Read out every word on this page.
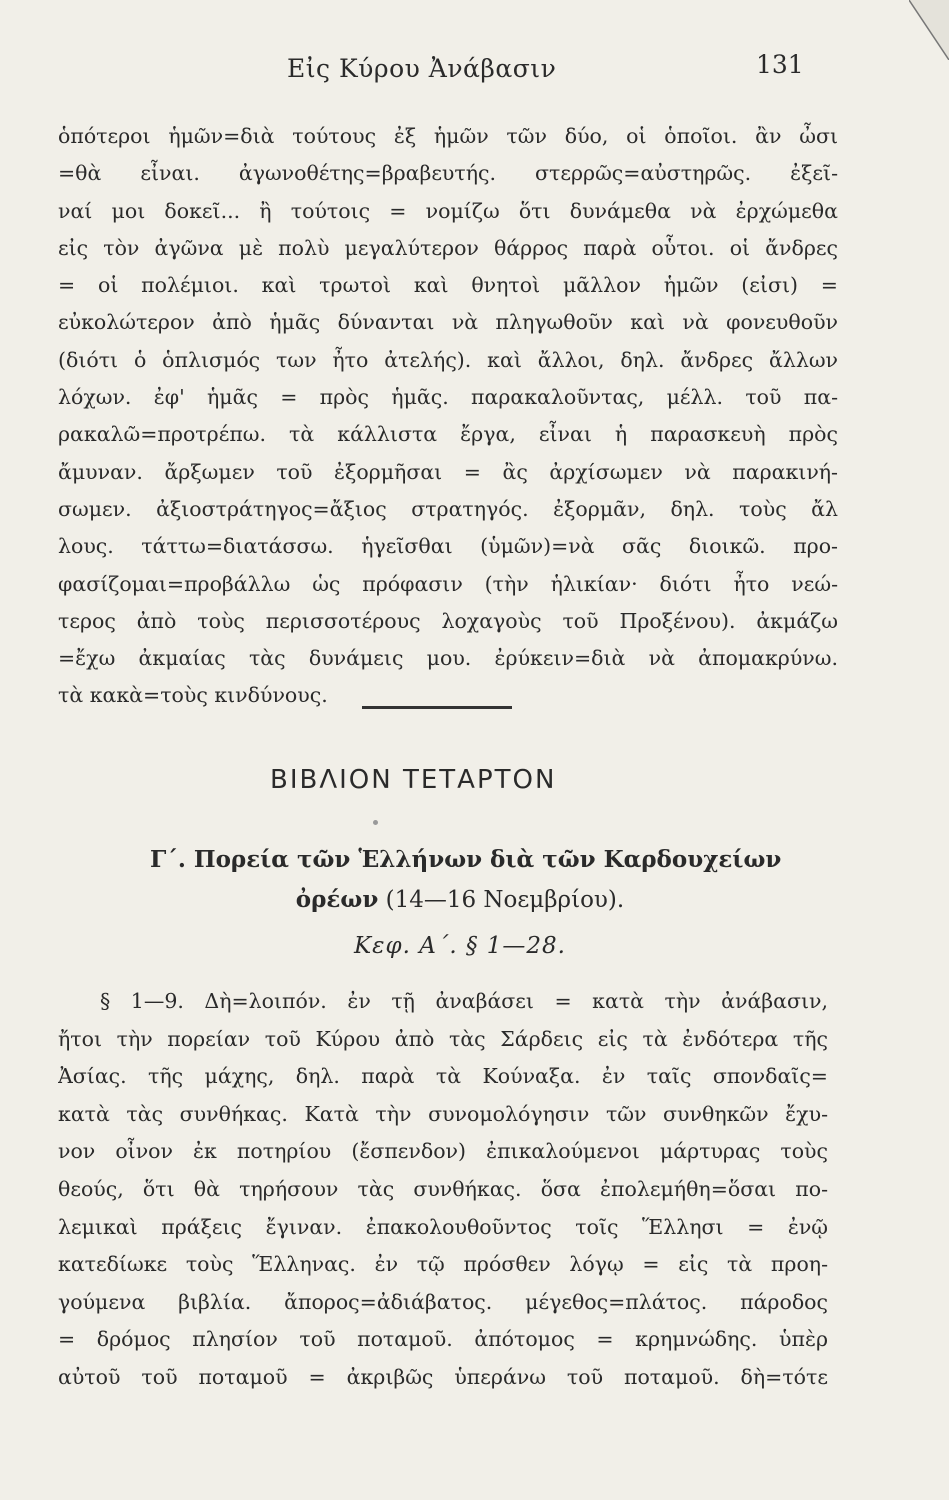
Εἰς Κύρου Ἀνάβασιν	131
ὁπότεροι ἡμῶν=διὰ τούτους ἐξ ἡμῶν τῶν δύο, οἱ ὁποῖοι. ἂν ὦσι
=θὰ εἶναι. ἀγωνοθέτης=βραβευτής. στερρῶς=αὐστηρῶς. ἐξεῖ-
ναί μοι δοκεῖ... ἢ τούτοις = νομίζω ὅτι δυνάμεθα νὰ ἐρχώμεθα
εἰς τὸν ἀγῶνα μὲ πολὺ μεγαλύτερον θάρρος παρὰ οὗτοι. οἱ ἄνδρες
= οἱ πολέμιοι. καὶ τρωτοὶ καὶ θνητοὶ μᾶλλον ἡμῶν (εἰσι) =
εὐκολώτερον ἀπὸ ἡμᾶς δύνανται νὰ πληγωθοῦν καὶ νὰ φονευθοῦν
(διότι ὁ ὁπλισμός των ἦτο ἀτελής). καὶ ἄλλοι, δηλ. ἄνδρες ἄλλων
λόχων. ἐφ' ἡμᾶς = πρὸς ἡμᾶς. παρακαλοῦντας, μέλλ. τοῦ πα-
ρακαλῶ=προτρέπω. τὰ κάλλιστα ἔργα, εἶναι ἡ παρασκευὴ πρὸς
ἄμυναν. ἄρξωμεν τοῦ ἐξορμῆσαι = ἂς ἀρχίσωμεν νὰ παρακινή-
σωμεν. ἀξιοστράτηγος=ἄξιος στρατηγός. ἐξορμᾶν, δηλ. τοὺς ἄλ
λους. τάττω=διατάσσω. ἡγεῖσθαι (ὑμῶν)=νὰ σᾶς διοικῶ. προ-
φασίζομαι=προβάλλω ὡς πρόφασιν (τὴν ἡλικίαν· διότι ἦτο νεώ-
τερος ἀπὸ τοὺς περισσοτέρους λοχαγοὺς τοῦ Προξένου). ἀκμάζω
=ἔχω ἀκμαίας τὰς δυνάμεις μου. ἐρύκειν=διὰ νὰ ἀπομακρύνω.
τὰ κακὰ=τοὺς κινδύνους.
ΒΙΒΛΙΟΝ ΤΕΤΑΡΤΟΝ
Γ΄. Πορεία τῶν Ἑλλήνων διὰ τῶν Καρδουχείων
ὀρέων (14—16 Νοεμβρίου).
Κεφ. Α΄. § 1—28.
§ 1—9. Δὴ=λοιπόν. ἐν τῇ ἀναβάσει = κατὰ τὴν ἀνάβασιν,
ἤτοι τὴν πορείαν τοῦ Κύρου ἀπὸ τὰς Σάρδεις εἰς τὰ ἐνδότερα τῆς
Ἀσίας. τῆς μάχης, δηλ. παρὰ τὰ Κούναξα. ἐν ταῖς σπονδαῖς=
κατὰ τὰς συνθήκας. Κατὰ τὴν συνομολόγησιν τῶν συνθηκῶν ἔχυ-
νον οἶνον ἐκ ποτηρίου (ἔσπενδον) ἐπικαλούμενοι μάρτυρας τοὺς
θεούς, ὅτι θὰ τηρήσουν τὰς συνθήκας. ὅσα ἐπολεμήθη=ὅσαι πο-
λεμικαὶ πράξεις ἔγιναν. ἐπακολουθοῦντος τοῖς Ἕλλησι = ἐνῷ
κατεδίωκε τοὺς Ἕλληνας. ἐν τῷ πρόσθεν λόγῳ = εἰς τὰ προη-
γούμενα βιβλία. ἄπορος=ἀδιάβατος. μέγεθος=πλάτος. πάροδος
= δρόμος πλησίον τοῦ ποταμοῦ. ἀπότομος = κρημνώδης. ὑπὲρ
αὐτοῦ τοῦ ποταμοῦ = ἀκριβῶς ὑπεράνω τοῦ ποταμοῦ. δὴ=τότε
